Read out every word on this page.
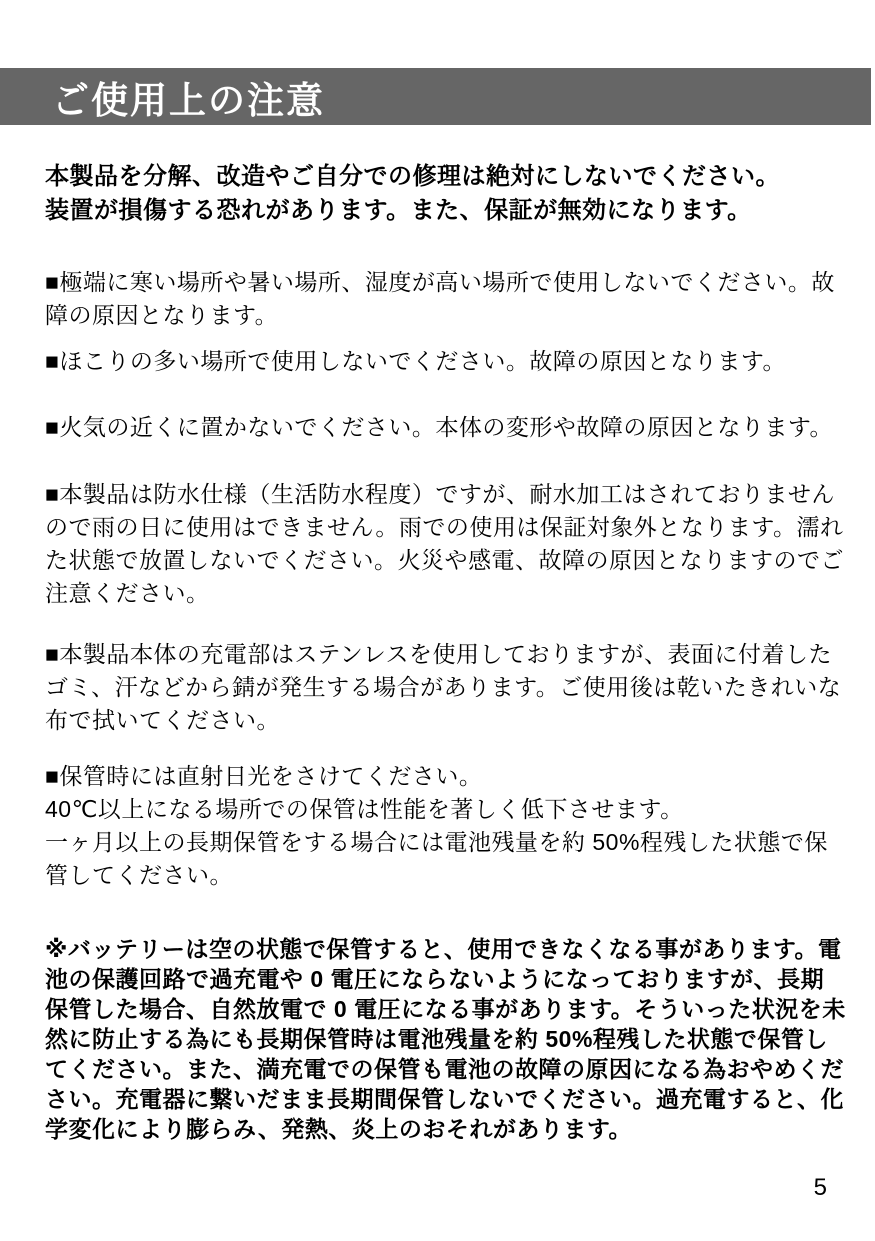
ご使用上の注意
本製品を分解、改造やご自分での修理は絶対にしないでください。
装置が損傷する恐れがあります。また、保証が無効になります。

■極端に寒い場所や暑い場所、湿度が高い場所で使用しないでください。故障の原因となります。

■ほこりの多い場所で使用しないでください。故障の原因となります。

■火気の近くに置かないでください。本体の変形や故障の原因となります。

■本製品は防水仕様（生活防水程度）ですが、耐水加工はされておりませんので雨の日に使用はできません。雨での使用は保証対象外となります。濡れた状態で放置しないでください。火災や感電、故障の原因となりますのでご注意ください。

■本製品本体の充電部はステンレスを使用しておりますが、表面に付着したゴミ、汗などから錆が発生する場合があります。ご使用後は乾いたきれいな布で拭いてください。

■保管時には直射日光をさけてください。
40℃以上になる場所での保管は性能を著しく低下させます。
一ヶ月以上の長期保管をする場合には電池残量を約 50%程残した状態で保管してください。

※バッテリーは空の状態で保管すると、使用できなくなる事があります。電池の保護回路で過充電や 0 電圧にならないようになっておりますが、長期保管した場合、自然放電で 0 電圧になる事があります。そういった状況を未然に防止する為にも長期保管時は電池残量を約 50%程残した状態で保管してください。また、満充電での保管も電池の故障の原因になる為おやめください。充電器に繋いだまま長期間保管しないでください。過充電すると、化学変化により膨らみ、発熱、炎上のおそれがあります。

5
